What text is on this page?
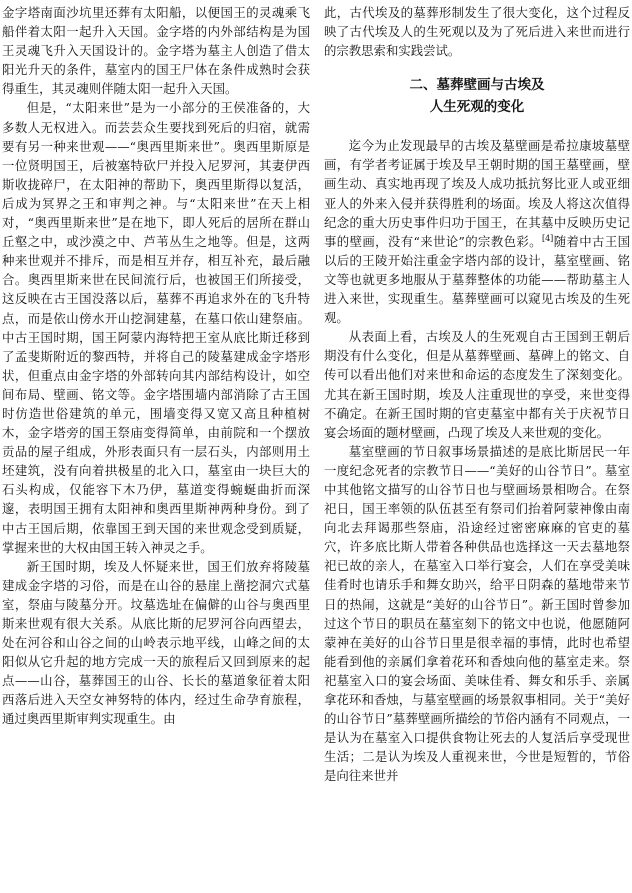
金字塔南面沙坑里还葬有太阳船，以便国王的灵魂乘飞船伴着太阳一起升入天国。金字塔的内外部结构是为国王灵魂飞升入天国设计的。金字塔为墓主人创造了借太阳光升天的条件，墓室内的国王尸体在条件成熟时会获得重生，其灵魂则伴随太阳一起升入天国。

但是，“太阳来世”是为一小部分的王侯准备的，大多数人无权进入。而芸芸众生要找到死后的归宿，就需要有另一种来世观——“奥西里斯来世”。奥西里斯原是一位贤明国王，后被塞特砍尸并投入尼罗河，其妻伊西斯收拢碎尸，在太阳神的帮助下，奥西里斯得以复活，后成为冥界之王和审判之神。与“太阳来世”在天上相对，“奥西里斯来世”是在地下，即人死后的居所在群山丘壑之中，或沙漠之中、芦苇丛生之地等。但是，这两种来世观并不排斥，而是相互并存，相互补充，最后融合。奥西里斯来世在民间流行后，也被国王们所接受，这反映在古王国没落以后，墓葬不再追求外在的飞升特点，而是依山傍水开山挖洞建墓，在墓口依山建祭庙。中古王国时期，国王阿蒙内海特把王室从底比斯迁移到了孟斐斯附近的黎西特，并将自己的陵墓建成金字塔形状，但重点由金字塔的外部转向其内部结构设计，如空间布局、壁画、铭文等。金字塔围墙内部消除了古王国时仿造世俗建筑的单元，围墙变得又宽又高且种植树木，金字塔旁的国王祭庙变得简单，由前院和一个摆放贡品的屋子组成，外形表面只有一层石头，内部则用土坯建筑，没有向着拱极星的北入口，墓室由一块巨大的石头构成，仅能容下木乃伊，墓道变得蜿蜒曲折而深邃，表明国王拥有太阳神和奥西里斯神两种身份。到了中古王国后期，依靠国王到天国的来世观念受到质疑，掌握来世的大权由国王转入神灵之手。

新王国时期，埃及人怀疑来世，国王们放弃将陵墓建成金字塔的习俗，而是在山谷的悬崖上凿挖洞穴式墓室，祭庙与陵墓分开。坟墓选址在偏僻的山谷与奥西里斯来世观有很大关系。从底比斯的尼罗河谷向西望去，处在河谷和山谷之间的山岭表示地平线，山峰之间的太阳似从它升起的地方完成一天的旅程后又回到原来的起点——山谷，墓葬国王的山谷、长长的墓道象征着太阳西落后进入天空女神努特的体内，经过生命孕育旅程，通过奥西里斯审判实现重生。由

此，古代埃及的墓葬形制发生了很大变化，这个过程反映了古代埃及人的生死观以及为了死后进入来世而进行的宗教思索和实践尝试。

二、墓葬壁画与古埃及
人生死观的变化

迄今为止发现最早的古埃及墓壁画是希拉康坡墓壁画，有学者考证属于埃及早王朝时期的国王墓壁画，壁画生动、真实地再现了埃及人成功抵抗努比亚人或亚细亚人的外来入侵并获得胜利的场面。埃及人将这次值得纪念的重大历史事件归功于国王，在其墓中反映历史记事的壁画，没有“来世论”的宗教色彩。[4]随着中古王国以后的王陵开始注重金字塔内部的设计，墓室壁画、铭文等也就更多地服从于墓葬整体的功能——帮助墓主人进入来世，实现重生。墓葬壁画可以窥见古埃及的生死观。

从表面上看，古埃及人的生死观自古王国到王朝后期没有什么变化，但是从墓葬壁画、墓碑上的铭文、自传可以看出他们对来世和命运的态度发生了深刻变化。尤其在新王国时期，埃及人注重现世的享受，来世变得不确定。在新王国时期的官吏墓室中都有关于庆祝节日宴会场面的题材壁画，凸现了埃及人来世观的变化。

墓室壁画的节日叙事场景描述的是底比斯居民一年一度纪念死者的宗教节日——“美好的山谷节日”。墓室中其他铭文描写的山谷节日也与壁画场景相吻合。在祭祀日，国王率领的队伍甚至有祭司们抬着阿蒙神像由南向北去拜谒那些祭庙，沿途经过密密麻麻的官吏的墓穴，许多底比斯人带着各种供品也选择这一天去墓地祭祀已故的亲人，在墓室入口举行宴会，人们在享受美味佳肴时也请乐手和舞女助兴，给平日阴森的墓地带来节日的热闹，这就是“美好的山谷节日”。新王国时曾参加过这个节日的职员在墓室刻下的铭文中也说，他愿随阿蒙神在美好的山谷节日里是很幸福的事情，此时也希望能看到他的亲属们拿着花环和香烛向他的墓室走来。祭祀墓室入口的宴会场面、美味佳肴、舞女和乐手、亲属拿花环和香烛，与墓室壁画的场景叙事相同。关于“美好的山谷节日”墓葬壁画所描绘的节俗内涵有不同观点，一是认为在墓室入口提供食物让死去的人复活后享受现世生活；二是认为埃及人重视来世，今世是短暂的，节俗是向往来世并
